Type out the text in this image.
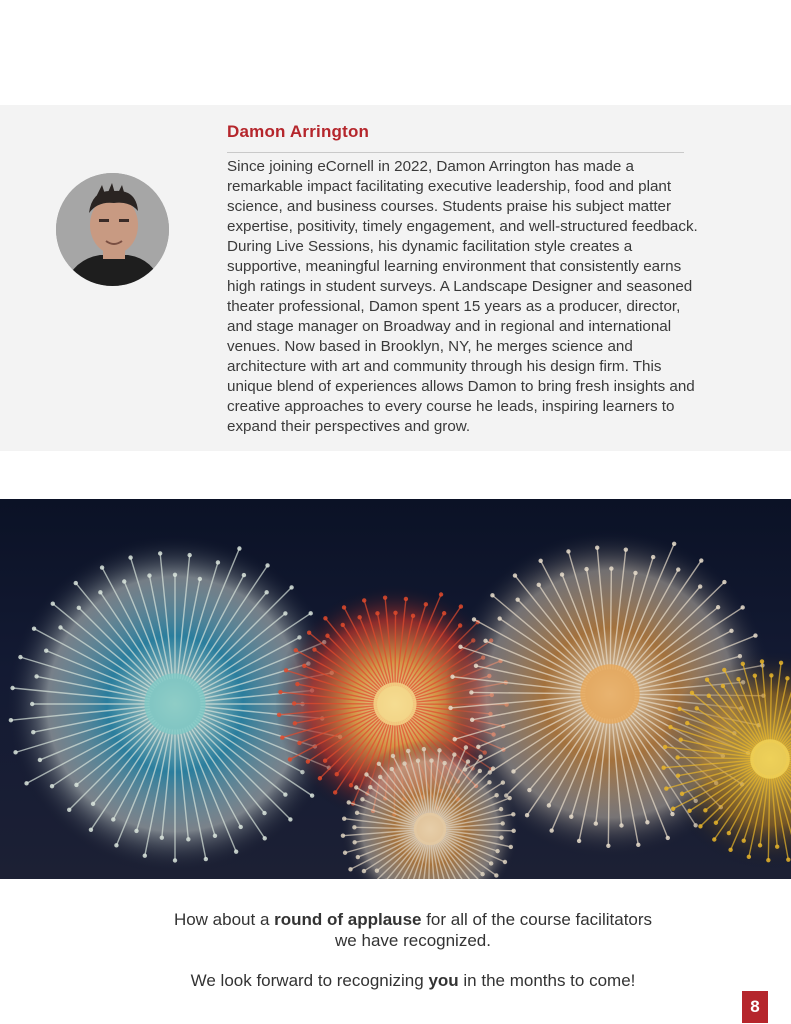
Damon Arrington
Since joining eCornell in 2022, Damon Arrington has made a remarkable impact facilitating executive leadership, food and plant science, and business courses. Students praise his subject matter expertise, positivity, timely engagement, and well-structured feedback. During Live Sessions, his dynamic facilitation style creates a supportive, meaningful learning environment that consistently earns high ratings in student surveys. A Landscape Designer and seasoned theater professional, Damon spent 15 years as a producer, director, and stage manager on Broadway and in regional and international venues. Now based in Brooklyn, NY, he merges science and architecture with art and community through his design firm. This unique blend of experiences allows Damon to bring fresh insights and creative approaches to every course he leads, inspiring learners to expand their perspectives and grow.

How about a round of applause for all of the course facilitators

we have recognized.

We look forward to recognizing you in the months to come!

8
